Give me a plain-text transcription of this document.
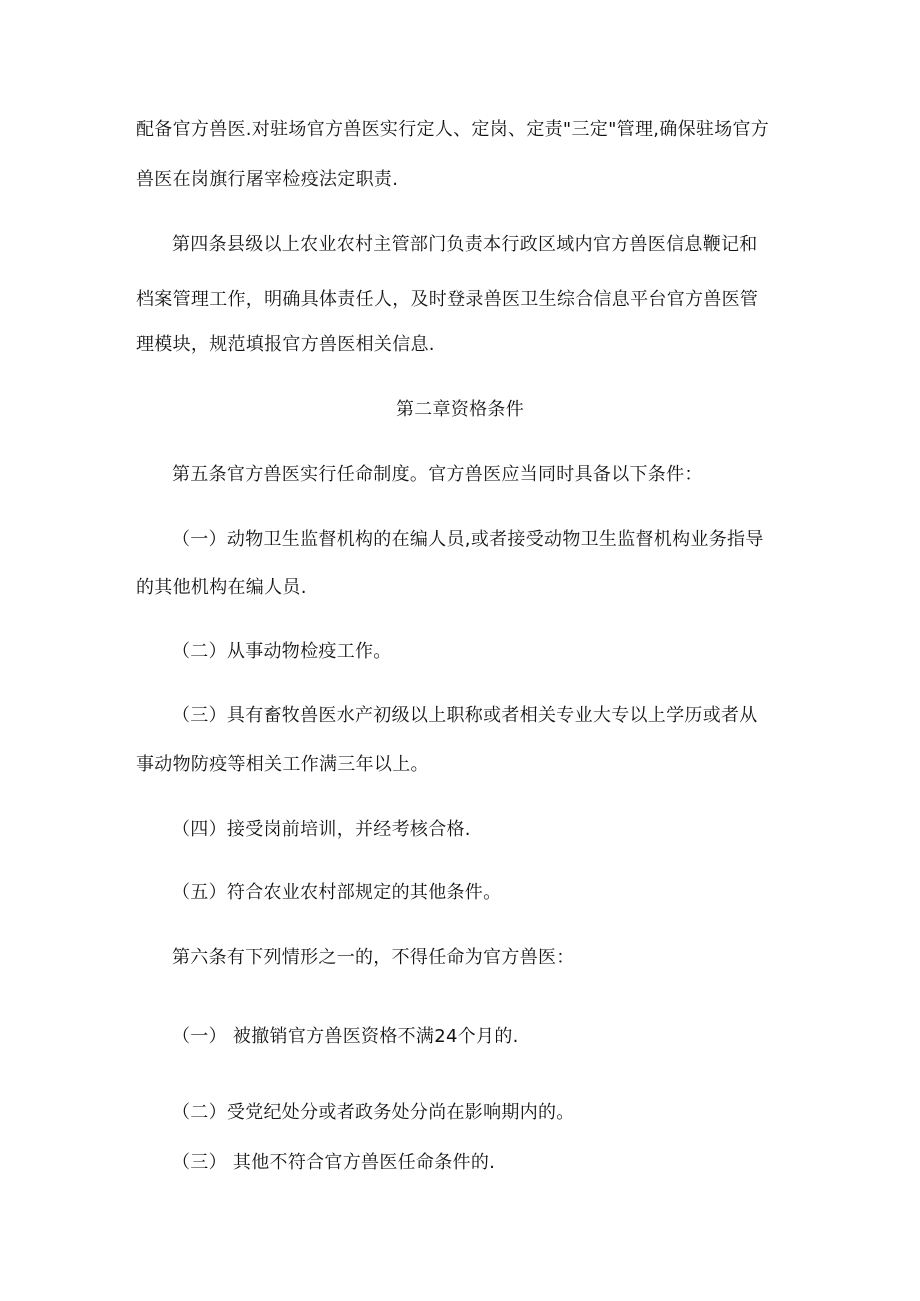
配备官方兽医.对驻场官方兽医实行定人、定岗、定责"三定"管理,确保驻场官方
兽医在岗旗行屠宰检疫法定职责.
第四条县级以上农业农村主管部门负责本行政区域内官方兽医信息鞭记和
档案管理工作，明确具体责任人，及时登录兽医卫生综合信息平台官方兽医管
理模块，规范填报官方兽医相关信息.
第二章资格条件
第五条官方兽医实行任命制度。官方兽医应当同时具备以下条件：
（一）动物卫生监督机构的在编人员,或者接受动物卫生监督机构业务指导
的其他机构在编人员.
（二）从事动物检疫工作。
（三）具有畜牧兽医水产初级以上职称或者相关专业大专以上学历或者从
事动物防疫等相关工作满三年以上。
（四）接受岗前培训，并经考核合格.
（五）符合农业农村部规定的其他条件。
第六条有下列情形之一的，不得任命为官方兽医：
（一） 被撤销官方兽医资格不满24个月的.
（二）受党纪处分或者政务处分尚在影响期内的。
（三） 其他不符合官方兽医任命条件的.
